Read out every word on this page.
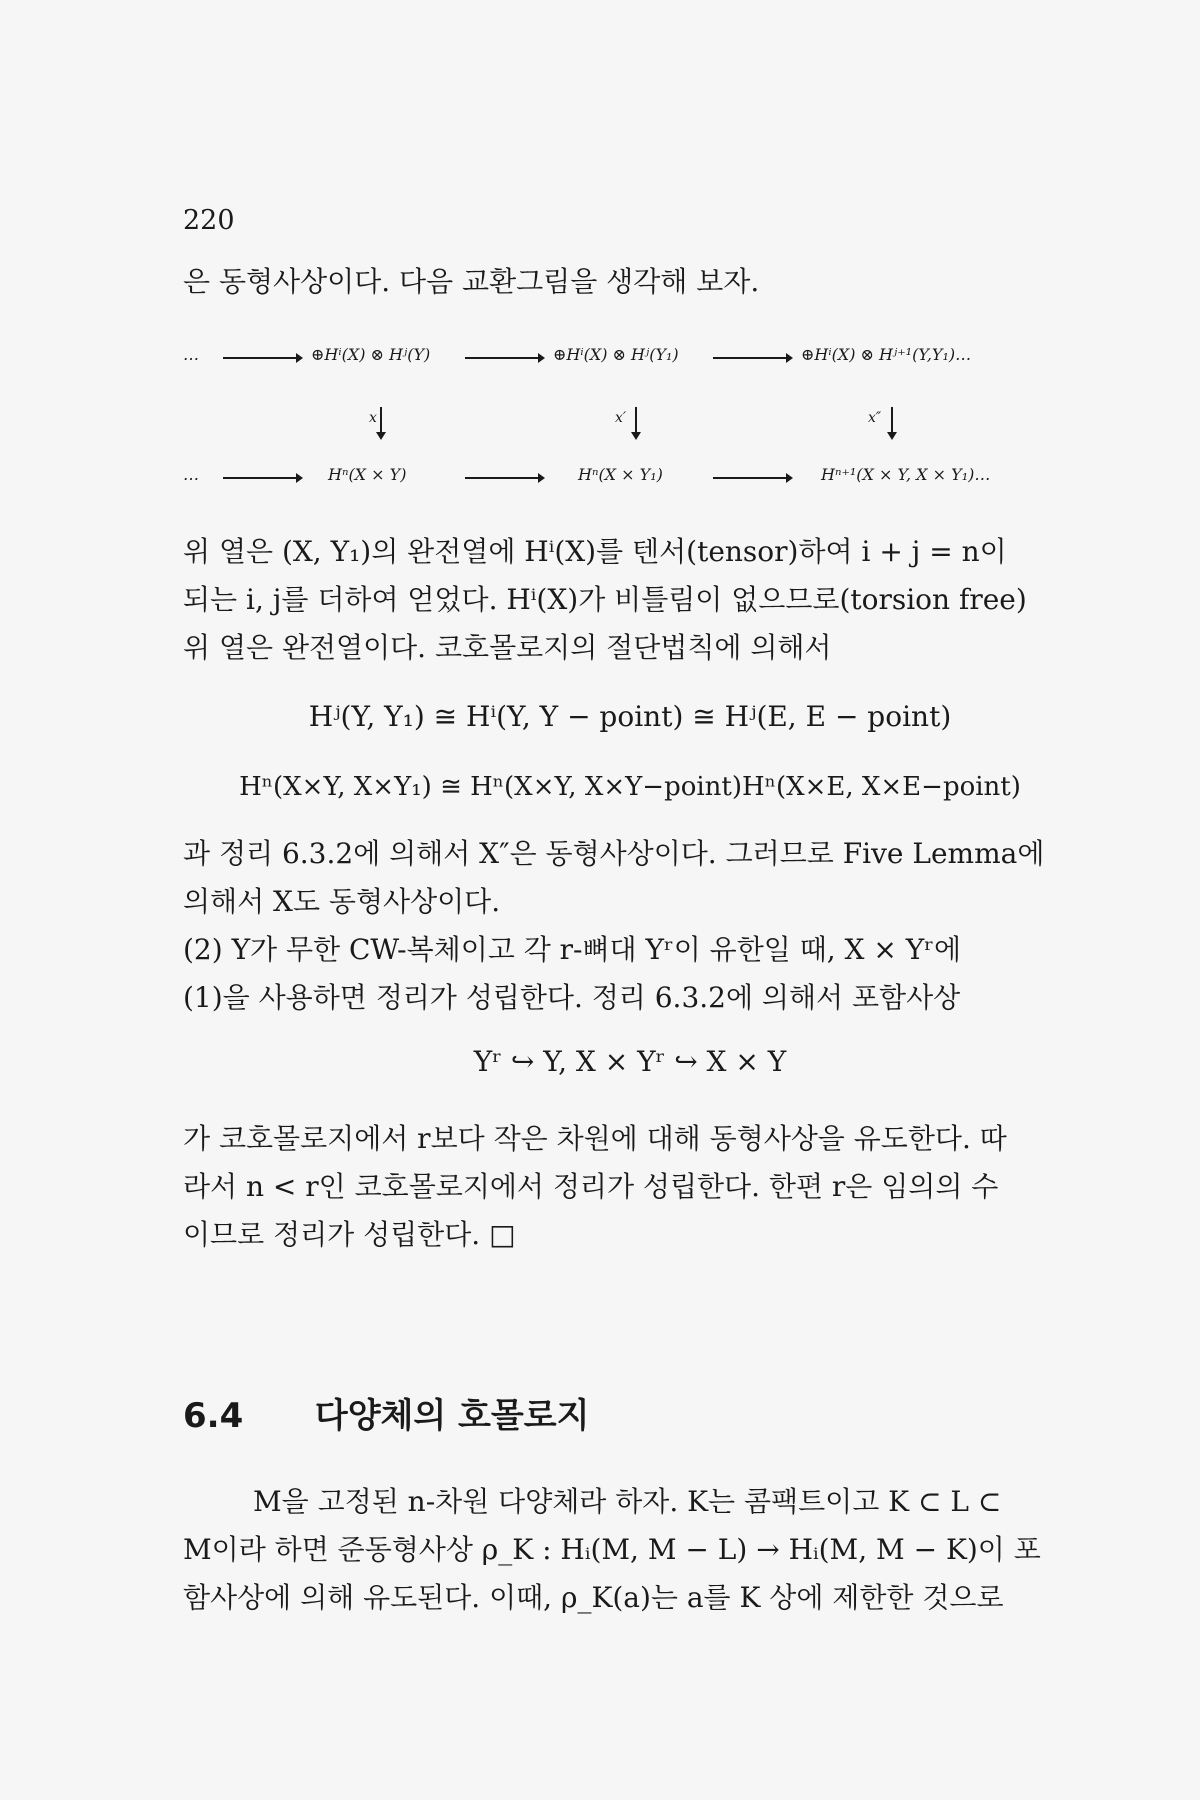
220
은 동형사상이다. 다음 교환그림을 생각해 보자.
…	⊕Hⁱ(X) ⊗ Hʲ(Y)	⊕Hⁱ(X) ⊗ Hʲ(Y₁)	⊕Hⁱ(X) ⊗ Hʲ⁺¹(Y,Y₁)…
x	x′	x″
…	Hⁿ(X × Y)	Hⁿ(X × Y₁)	Hⁿ⁺¹(X × Y, X × Y₁)…
위 열은 (X, Y₁)의 완전열에 Hⁱ(X)를 텐서(tensor)하여 i + j = n이
되는 i, j를 더하여 얻었다. Hⁱ(X)가 비틀림이 없으므로(torsion free)
위 열은 완전열이다. 코호몰로지의 절단법칙에 의해서
Hʲ(Y, Y₁) ≅ Hⁱ(Y, Y − point) ≅ Hʲ(E, E − point)
Hⁿ(X×Y, X×Y₁) ≅ Hⁿ(X×Y, X×Y−point)Hⁿ(X×E, X×E−point)
과 정리 6.3.2에 의해서 X″은 동형사상이다. 그러므로 Five Lemma에
의해서 X도 동형사상이다.
(2) Y가 무한 CW-복체이고 각 r-뼈대 Yʳ이 유한일 때, X × Yʳ에
(1)을 사용하면 정리가 성립한다. 정리 6.3.2에 의해서 포함사상
Yʳ ↪ Y, X × Yʳ ↪ X × Y
가 코호몰로지에서 r보다 작은 차원에 대해 동형사상을 유도한다. 따
라서 n < r인 코호몰로지에서 정리가 성립한다. 한편 r은 임의의 수
이므로 정리가 성립한다. □
6.4 다양체의 호몰로지
M을 고정된 n-차원 다양체라 하자. K는 콤팩트이고 K ⊂ L ⊂
M이라 하면 준동형사상 ρ_K : Hᵢ(M, M − L) → Hᵢ(M, M − K)이 포
함사상에 의해 유도된다. 이때, ρ_K(a)는 a를 K 상에 제한한 것으로
